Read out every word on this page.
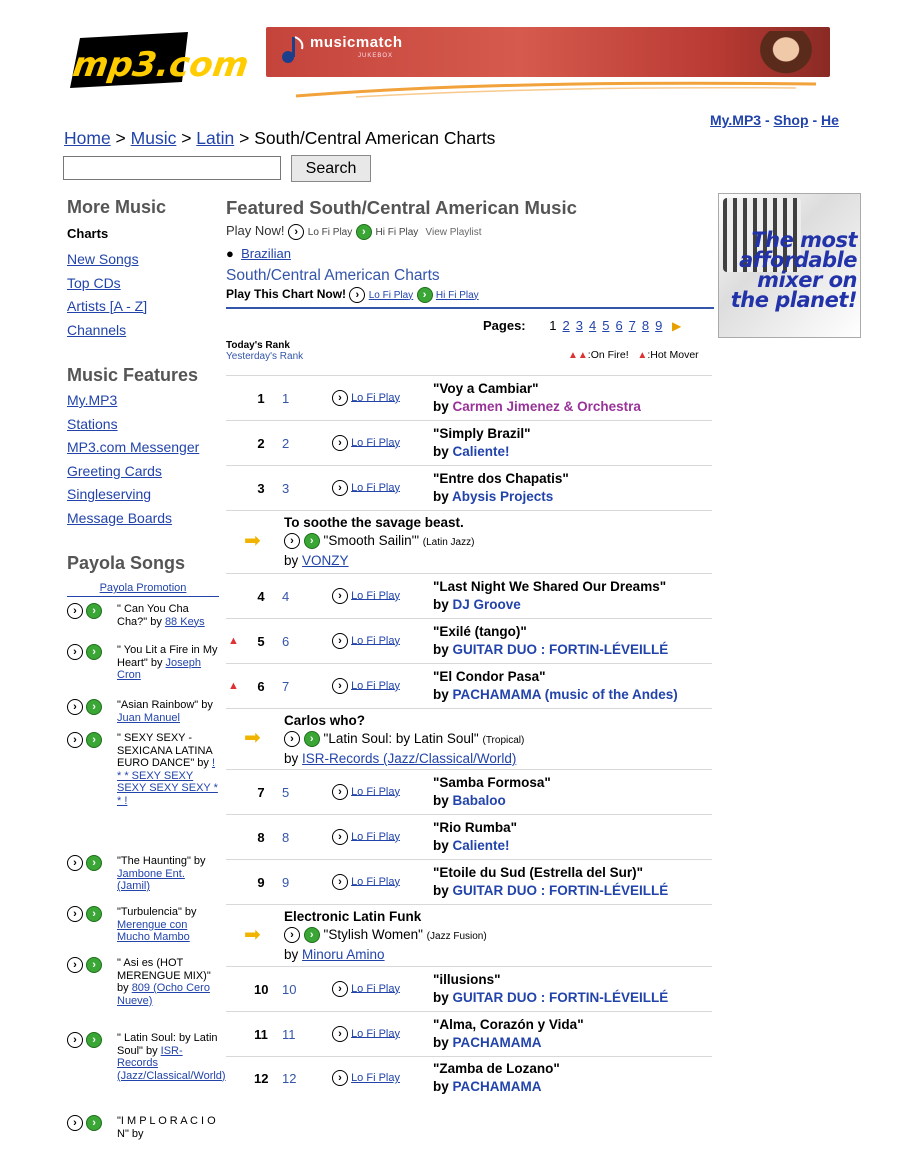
mp3.com
musicmatch
JUKEBOX
My.MP3 - Shop - He
Home > Music > Latin > South/Central American Charts
Search
More Music
Charts
New Songs
Top CDs
Artists [A - Z]
Channels
Music Features
My.MP3
Stations
MP3.com Messenger
Greeting Cards
Singleserving
Message Boards
Payola Songs
Payola Promotion
› ›	" Can You Cha Cha?" by 88 Keys
› ›	" You Lit a Fire in My Heart" by Joseph Cron
› ›	"Asian Rainbow" by Juan Manuel
› ›	" SEXY SEXY - SEXICANA LATINA EURO DANCE" by ! * * SEXY SEXY SEXY SEXY SEXY * * !
› ›	"The Haunting" by Jambone Ent. (Jamil)
› ›	"Turbulencia" by Merengue con Mucho Mambo
› ›	" Asi es (HOT MERENGUE MIX)" by 809 (Ocho Cero Nueve)
› ›	" Latin Soul: by Latin Soul" by ISR-Records (Jazz/Classical/World)
› ›	"I M P L O R A C I O N" by
Featured South/Central American Music
Play Now! › Lo Fi Play › Hi Fi Play View Playlist
●  Brazilian
South/Central American Charts
Play This Chart Now! › Lo Fi Play › Hi Fi Play
Pages: 1 2 3 4 5 6 7 8 9 ▶
Today's Rank
Yesterday's Rank	▲▲:On Fire! ▲:Hot Mover
1 1	› Lo Fi Play
"Voy a Cambiar"
by Carmen Jimenez & Orchestra
2 2	› Lo Fi Play
"Simply Brazil"
by Caliente!
3 3	› Lo Fi Play
"Entre dos Chapatis"
by Abysis Projects
➡
To soothe the savage beast.
› › "Smooth Sailin'" (Latin Jazz)
by VONZY
4 4	› Lo Fi Play
"Last Night We Shared Our Dreams"
by DJ Groove
▲ 5 6	› Lo Fi Play
"Exilé (tango)"
by GUITAR DUO : FORTIN-LÉVEILLÉ
▲ 6 7	› Lo Fi Play
"El Condor Pasa"
by PACHAMAMA (music of the Andes)
➡
Carlos who?
› › "Latin Soul: by Latin Soul" (Tropical)
by ISR-Records (Jazz/Classical/World)
7 5	› Lo Fi Play
"Samba Formosa"
by Babaloo
8 8	› Lo Fi Play
"Rio Rumba"
by Caliente!
9 9	› Lo Fi Play
"Etoile du Sud (Estrella del Sur)"
by GUITAR DUO : FORTIN-LÉVEILLÉ
➡
Electronic Latin Funk
› › "Stylish Women" (Jazz Fusion)
by Minoru Amino
10 10	› Lo Fi Play
"illusions"
by GUITAR DUO : FORTIN-LÉVEILLÉ
11 11	› Lo Fi Play
"Alma, Corazón y Vida"
by PACHAMAMA
12 12	› Lo Fi Play
"Zamba de Lozano"
by PACHAMAMA
The most affordable mixer on the planet!
